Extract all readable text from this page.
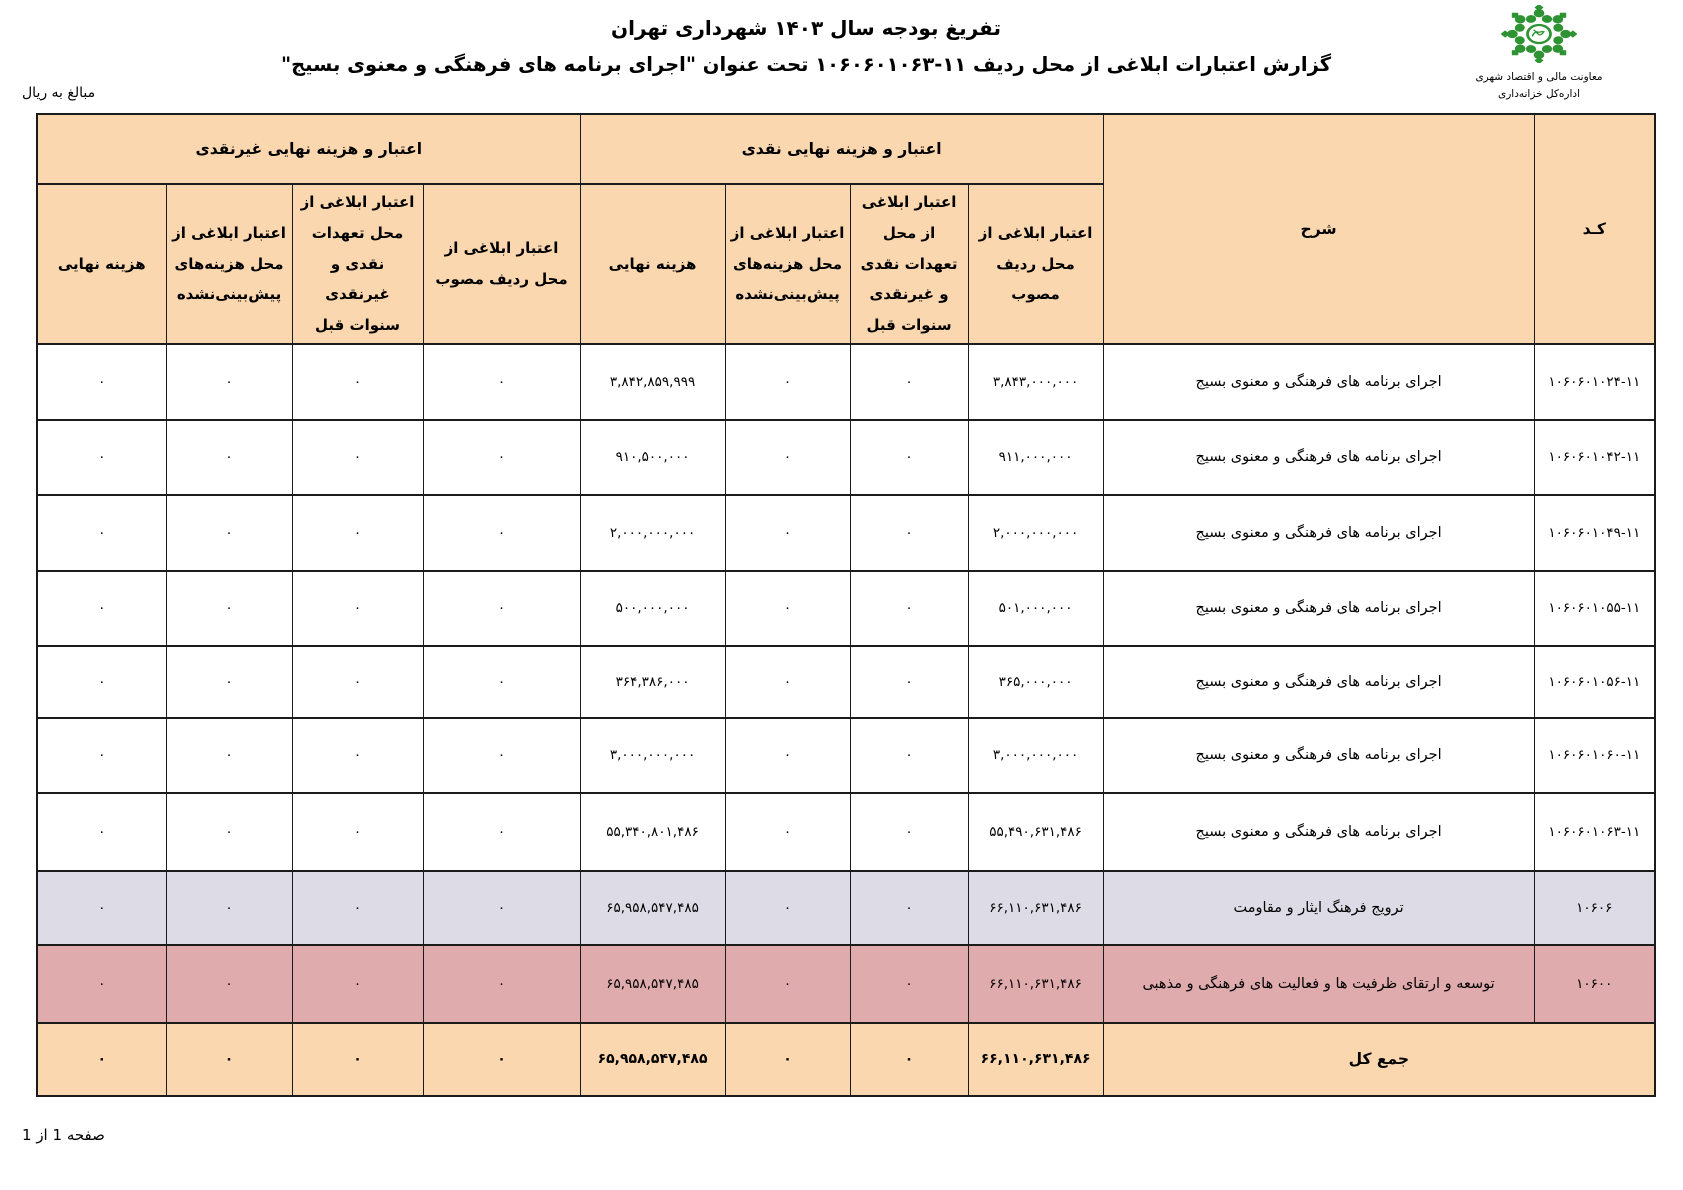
تفریغ بودجه سال ۱۴۰۳ شهرداری تهران
گزارش اعتبارات ابلاغی از محل ردیف ۱۱-۱۰۶۰۶۰۱۰۶۳ تحت عنوان "اجرای برنامه های فرهنگی و معنوی بسیج"
مبالغ به ریال
معاونت مالی و اقتصاد شهری
اداره‌کل خزانه‌داری
کـد	شرح	اعتبار و هزینه نهایی نقدی				اعتبار و هزینه نهایی غیرنقدی			
		اعتبار ابلاغی از محل ردیف مصوب	اعتبار ابلاغی از محل تعهدات نقدی و غیرنقدی سنوات قبل	اعتبار ابلاغی از محل هزینه‌های پیش‌بینی‌نشده	هزینه نهایی	اعتبار ابلاغی از محل ردیف مصوب	اعتبار ابلاغی از محل تعهدات نقدی و غیرنقدی سنوات قبل	اعتبار ابلاغی از محل هزینه‌های پیش‌بینی‌نشده	هزینه نهایی
۱۰۶۰۶۰۱۰۲۴-۱۱	اجرای برنامه های فرهنگی و معنوی بسیج	۳,۸۴۳,۰۰۰,۰۰۰	۰	۰	۳,۸۴۲,۸۵۹,۹۹۹	۰	۰	۰	۰
۱۰۶۰۶۰۱۰۴۲-۱۱	اجرای برنامه های فرهنگی و معنوی بسیج	۹۱۱,۰۰۰,۰۰۰	۰	۰	۹۱۰,۵۰۰,۰۰۰	۰	۰	۰	۰
۱۰۶۰۶۰۱۰۴۹-۱۱	اجرای برنامه های فرهنگی و معنوی بسیج	۲,۰۰۰,۰۰۰,۰۰۰	۰	۰	۲,۰۰۰,۰۰۰,۰۰۰	۰	۰	۰	۰
۱۰۶۰۶۰۱۰۵۵-۱۱	اجرای برنامه های فرهنگی و معنوی بسیج	۵۰۱,۰۰۰,۰۰۰	۰	۰	۵۰۰,۰۰۰,۰۰۰	۰	۰	۰	۰
۱۰۶۰۶۰۱۰۵۶-۱۱	اجرای برنامه های فرهنگی و معنوی بسیج	۳۶۵,۰۰۰,۰۰۰	۰	۰	۳۶۴,۳۸۶,۰۰۰	۰	۰	۰	۰
۱۰۶۰۶۰۱۰۶۰-۱۱	اجرای برنامه های فرهنگی و معنوی بسیج	۳,۰۰۰,۰۰۰,۰۰۰	۰	۰	۳,۰۰۰,۰۰۰,۰۰۰	۰	۰	۰	۰
۱۰۶۰۶۰۱۰۶۳-۱۱	اجرای برنامه های فرهنگی و معنوی بسیج	۵۵,۴۹۰,۶۳۱,۴۸۶	۰	۰	۵۵,۳۴۰,۸۰۱,۴۸۶	۰	۰	۰	۰
۱۰۶۰۶	ترویج فرهنگ ایثار و مقاومت	۶۶,۱۱۰,۶۳۱,۴۸۶	۰	۰	۶۵,۹۵۸,۵۴۷,۴۸۵	۰	۰	۰	۰
۱۰۶۰۰	توسعه و ارتقای ظرفیت ها و فعالیت های فرهنگی و مذهبی	۶۶,۱۱۰,۶۳۱,۴۸۶	۰	۰	۶۵,۹۵۸,۵۴۷,۴۸۵	۰	۰	۰	۰
جمع کل		۶۶,۱۱۰,۶۳۱,۴۸۶	۰	۰	۶۵,۹۵۸,۵۴۷,۴۸۵	۰	۰	۰	۰
صفحه 1 از 1
